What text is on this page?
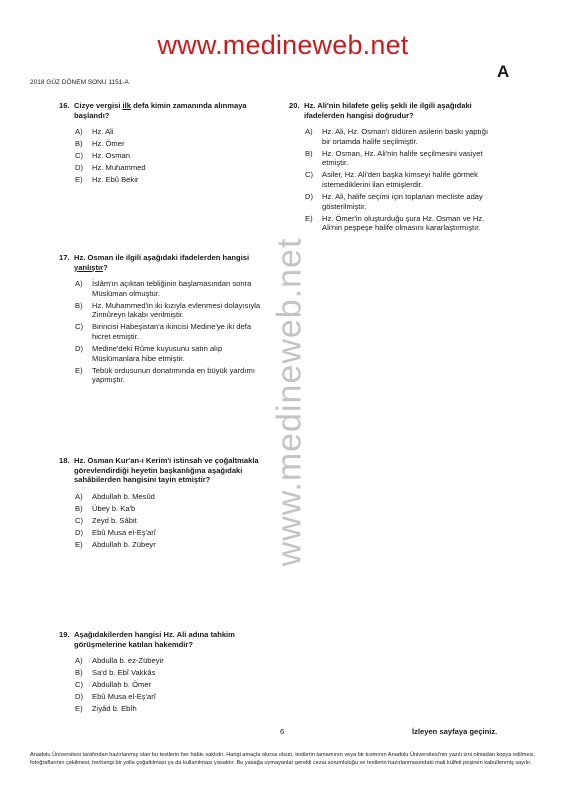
www.medineweb.net
2018 GÜZ DÖNEM SONU 1151-A
A
www.medineweb.net
16. Cizye vergisi ilk defa kimin zamanında alınmaya başlandı?
A)	Hz. Ali
B)	Hz. Ömer
C)	Hz. Osman
D)	Hz. Muhammed
E)	Hz. Ebû Bekir
17. Hz. Osman ile ilgili aşağıdaki ifadelerden hangisi yanlıştır?
A)	İslâm'ın açıktan tebliğinin başlamasından sonra Müslüman olmuştur.
B)	Hz. Muhammed'in iki kızıyla evlenmesi dolayısıyla Zinnûreyn lakabı verilmiştir.
C)	Birincisi Habeşistan'a ikincisi Medine'ye iki defa hicret etmiştir.
D)	Medine'deki Rûme kuyusunu satın alıp Müslümanlara hibe etmiştir.
E)	Tebük ordusunun donatımında en büyük yardımı yapmıştır.
18. Hz. Osman Kur'an-ı Kerim'i istinsah ve çoğaltmakla görevlendirdiği heyetin başkanlığına aşağıdaki sahâbilerden hangisini tayin etmiştir?
A)	Abdullah b. Mesûd
B)	Übey b. Ka'b
C)	Zeyd b. Sâbit
D)	Ebû Musa el-Eş'arî
E)	Abdullah b. Zübeyr
19. Aşağıdakilerden hangisi Hz. Ali adına tahkim görüşmelerine katılan hakemdir?
A)	Abdulla b. ez-Zübeyir
B)	Sa'd b. Ebî Vakkâs
C)	Abdullah b. Ömer
D)	Ebû Musa el-Eş'arî
E)	Ziyâd b. Ebîh
20. Hz. Ali'nin hilafete geliş şekli ile ilgili aşağıdaki ifadelerden hangisi doğrudur?
A)	Hz. Ali, Hz. Osman'ı öldüren asilerin baskı yaptığı bir ortamda halife seçilmiştir.
B)	Hz. Osman, Hz. Ali'nin halife seçilmesini vasiyet etmiştir.
C)	Asiler, Hz. Ali'den başka kimseyi halife görmek istemediklerini ilan etmişlerdir.
D)	Hz. Ali, halife seçimi için toplanan mecliste aday gösterilmiştir.
E)	Hz. Ömer'in oluşturduğu şura Hz. Osman ve Hz. Ali'nin peşpeşe halife olmasını kararlaştırmıştır.
6	İzleyen sayfaya geçiniz.
Anadolu Üniversitesi tarafından hazırlanmış olan bu testlerin her hakkı saklıdır. Hangi amaçla olursa olsun, testlerin tamamının veya bir kısmının Anadolu Üniversitesi'nin yazılı izni olmadan kopya edilmesi, fotoğraflarının çekilmesi, herhangi bir yolla çoğaltılması ya da kullanılması yasaktır. Bu yasağa uymayanlar gerekli cezai sorumluluğu ve testlerin hazırlanmasındaki mali külfeti peşinen kabullenmiş sayılır.
